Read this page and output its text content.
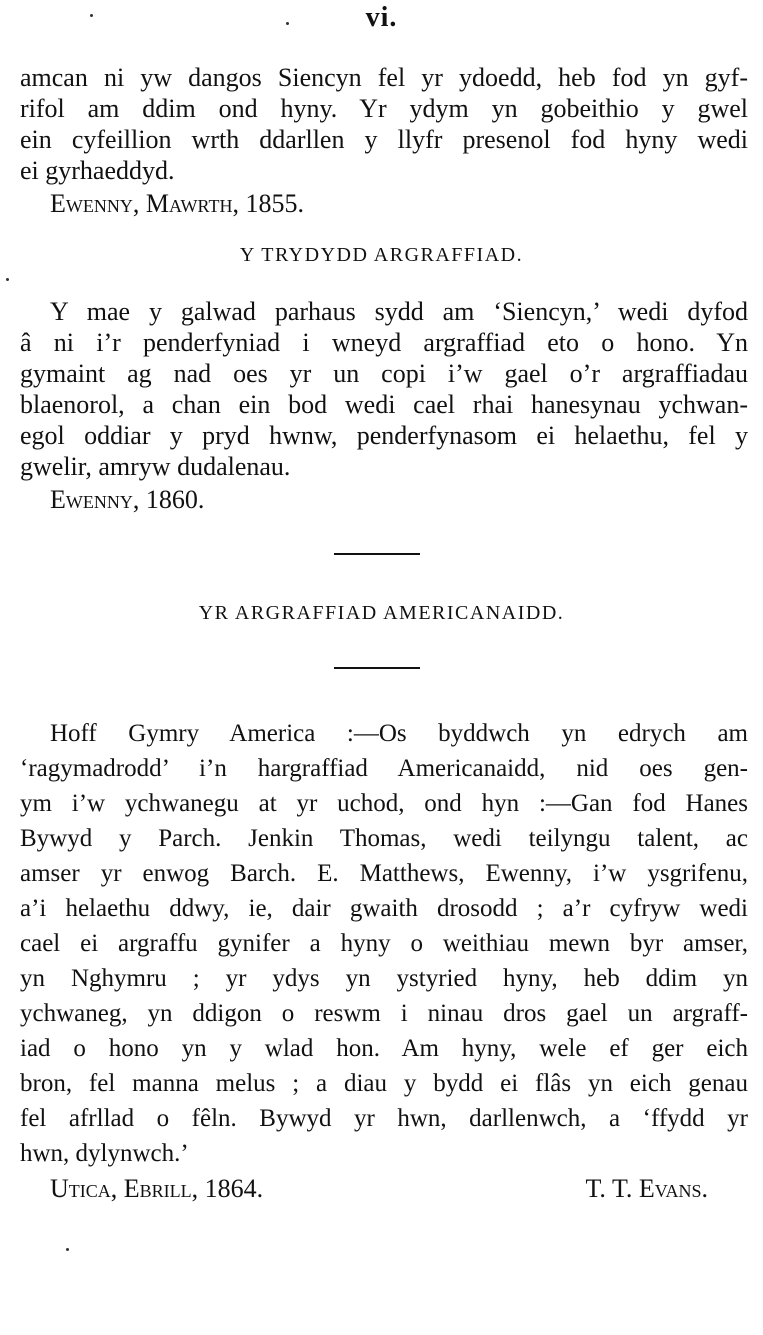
vi.
amcan ni yw dangos Siencyn fel yr ydoedd, heb fod yn gyf-
rifol am ddim ond hyny. Yr ydym yn gobeithio y gwel
ein cyfeillion wrth ddarllen y llyfr presenol fod hyny wedi
ei gyrhaeddyd.
Ewenny, Mawrth, 1855.
Y TRYDYDD ARGRAFFIAD.
Y mae y galwad parhaus sydd am ‘Siencyn,’ wedi dyfod
â ni i’r penderfyniad i wneyd argraffiad eto o hono. Yn
gymaint ag nad oes yr un copi i’w gael o’r argraffiadau
blaenorol, a chan ein bod wedi cael rhai hanesynau ychwan-
egol oddiar y pryd hwnw, penderfynasom ei helaethu, fel y
gwelir, amryw dudalenau.
Ewenny, 1860.
YR ARGRAFFIAD AMERICANAIDD.
Hoff Gymry America :—Os byddwch yn edrych am
‘ragymadrodd’ i’n hargraffiad Americanaidd, nid oes gen-
ym i’w ychwanegu at yr uchod, ond hyn :—Gan fod Hanes
Bywyd y Parch. Jenkin Thomas, wedi teilyngu talent, ac
amser yr enwog Barch. E. Matthews, Ewenny, i’w ysgrifenu,
a’i helaethu ddwy, ie, dair gwaith drosodd ; a’r cyfryw wedi
cael ei argraffu gynifer a hyny o weithiau mewn byr amser,
yn Nghymru ; yr ydys yn ystyried hyny, heb ddim yn
ychwaneg, yn ddigon o reswm i ninau dros gael un argraff-
iad o hono yn y wlad hon. Am hyny, wele ef ger eich
bron, fel manna melus ; a diau y bydd ei flâs yn eich genau
fel afrllad o fêln. Bywyd yr hwn, darllenwch, a ‘ffydd yr
hwn, dylynwch.’
Utica, Ebrill, 1864.	T. T. Evans.
